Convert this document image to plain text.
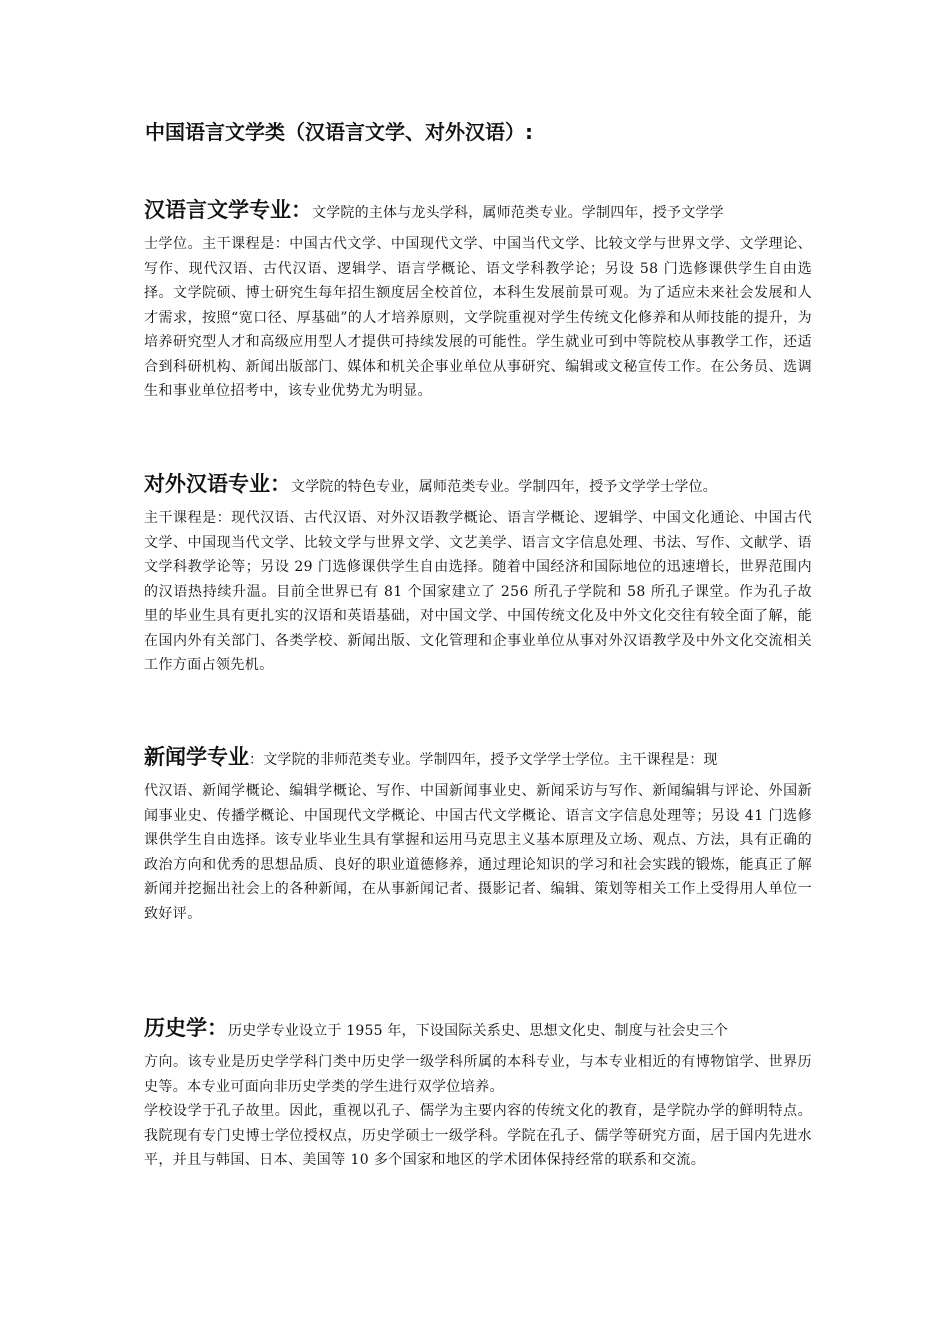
中国语言文学类（汉语言文学、对外汉语）:
汉语言文学专业：文学院的主体与龙头学科，属师范类专业。学制四年，授予文学学

士学位。主干课程是：中国古代文学、中国现代文学、中国当代文学、比较文学与世界文学、文学理论、写作、现代汉语、古代汉语、逻辑学、语言学概论、语文学科教学论；另设 58 门选修课供学生自由选择。文学院硕、博士研究生每年招生额度居全校首位，本科生发展前景可观。为了适应未来社会发展和人才需求，按照“宽口径、厚基础”的人才培养原则，文学院重视对学生传统文化修养和从师技能的提升，为培养研究型人才和高级应用型人才提供可持续发展的可能性。学生就业可到中等院校从事教学工作，还适合到科研机构、新闻出版部门、媒体和机关企事业单位从事研究、编辑或文秘宣传工作。在公务员、选调生和事业单位招考中，该专业优势尤为明显。

对外汉语专业：文学院的特色专业，属师范类专业。学制四年，授予文学学士学位。

主干课程是：现代汉语、古代汉语、对外汉语教学概论、语言学概论、逻辑学、中国文化通论、中国古代文学、中国现当代文学、比较文学与世界文学、文艺美学、语言文字信息处理、书法、写作、文献学、语文学科教学论等；另设 29 门选修课供学生自由选择。随着中国经济和国际地位的迅速增长，世界范围内的汉语热持续升温。目前全世界已有 81 个国家建立了 256 所孔子学院和 58 所孔子课堂。作为孔子故里的毕业生具有更扎实的汉语和英语基础，对中国文学、中国传统文化及中外文化交往有较全面了解，能在国内外有关部门、各类学校、新闻出版、文化管理和企事业单位从事对外汉语教学及中外文化交流相关工作方面占领先机。

新闻学专业：文学院的非师范类专业。学制四年，授予文学学士学位。主干课程是：现

代汉语、新闻学概论、编辑学概论、写作、中国新闻事业史、新闻采访与写作、新闻编辑与评论、外国新闻事业史、传播学概论、中国现代文学概论、中国古代文学概论、语言文字信息处理等；另设 41 门选修课供学生自由选择。该专业毕业生具有掌握和运用马克思主义基本原理及立场、观点、方法，具有正确的政治方向和优秀的思想品质、良好的职业道德修养，通过理论知识的学习和社会实践的锻炼，能真正了解新闻并挖掘出社会上的各种新闻，在从事新闻记者、摄影记者、编辑、策划等相关工作上受得用人单位一致好评。

历史学：历史学专业设立于 1955 年，下设国际关系史、思想文化史、制度与社会史三个

方向。该专业是历史学学科门类中历史学一级学科所属的本科专业，与本专业相近的有博物馆学、世界历史等。本专业可面向非历史学类的学生进行双学位培养。

学校设学于孔子故里。因此，重视以孔子、儒学为主要内容的传统文化的教育，是学院办学的鲜明特点。我院现有专门史博士学位授权点，历史学硕士一级学科。学院在孔子、儒学等研究方面，居于国内先进水平，并且与韩国、日本、美国等 10 多个国家和地区的学术团体保持经常的联系和交流。
